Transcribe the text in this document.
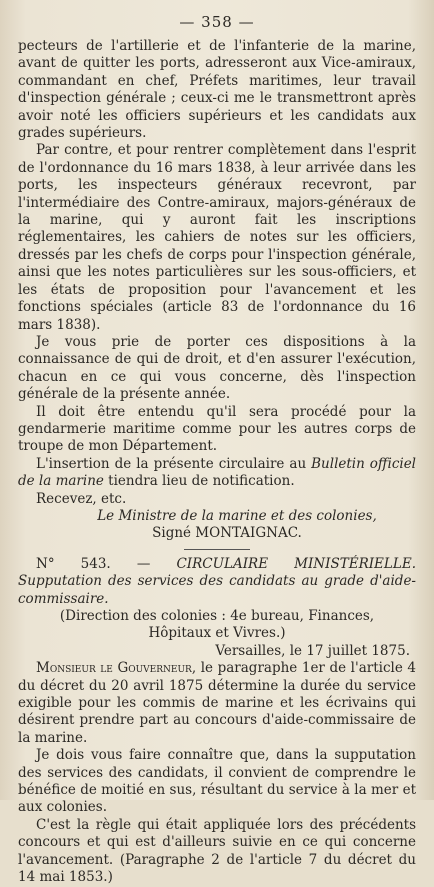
— 358 —

pecteurs de l'artillerie et de l'infanterie de la marine, avant de quitter les ports, adresseront aux Vice-amiraux, commandant en chef, Préfets maritimes, leur travail d'inspection générale ; ceux-ci me le transmettront après avoir noté les officiers supérieurs et les candidats aux grades supérieurs.

Par contre, et pour rentrer complètement dans l'esprit de l'ordonnance du 16 mars 1838, à leur arrivée dans les ports, les inspecteurs généraux recevront, par l'intermédiaire des Contre-amiraux, majors-généraux de la marine, qui y auront fait les inscriptions réglementaires, les cahiers de notes sur les officiers, dressés par les chefs de corps pour l'inspection générale, ainsi que les notes particulières sur les sous-officiers, et les états de proposition pour l'avancement et les fonctions spéciales (article 83 de l'ordonnance du 16 mars 1838).

Je vous prie de porter ces dispositions à la connaissance de qui de droit, et d'en assurer l'exécution, chacun en ce qui vous concerne, dès l'inspection générale de la présente année.

Il doit être entendu qu'il sera procédé pour la gendarmerie maritime comme pour les autres corps de troupe de mon Département.

L'insertion de la présente circulaire au Bulletin officiel de la marine tiendra lieu de notification.

Recevez, etc.

Le Ministre de la marine et des colonies,

Signé MONTAIGNAC.

N° 543. — CIRCULAIRE MINISTÉRIELLE. Supputation des services des candidats au grade d'aide-commissaire.

(Direction des colonies : 4e bureau, Finances, Hôpitaux et Vivres.)

Versailles, le 17 juillet 1875.

Monsieur le Gouverneur, le paragraphe 1er de l'article 4 du décret du 20 avril 1875 détermine la durée du service exigible pour les commis de marine et les écrivains qui désirent prendre part au concours d'aide-commissaire de la marine.

Je dois vous faire connaître que, dans la supputation des services des candidats, il convient de comprendre le bénéfice de moitié en sus, résultant du service à la mer et aux colonies.

C'est la règle qui était appliquée lors des précédents concours et qui est d'ailleurs suivie en ce qui concerne l'avancement. (Paragraphe 2 de l'article 7 du décret du 14 mai 1853.)
